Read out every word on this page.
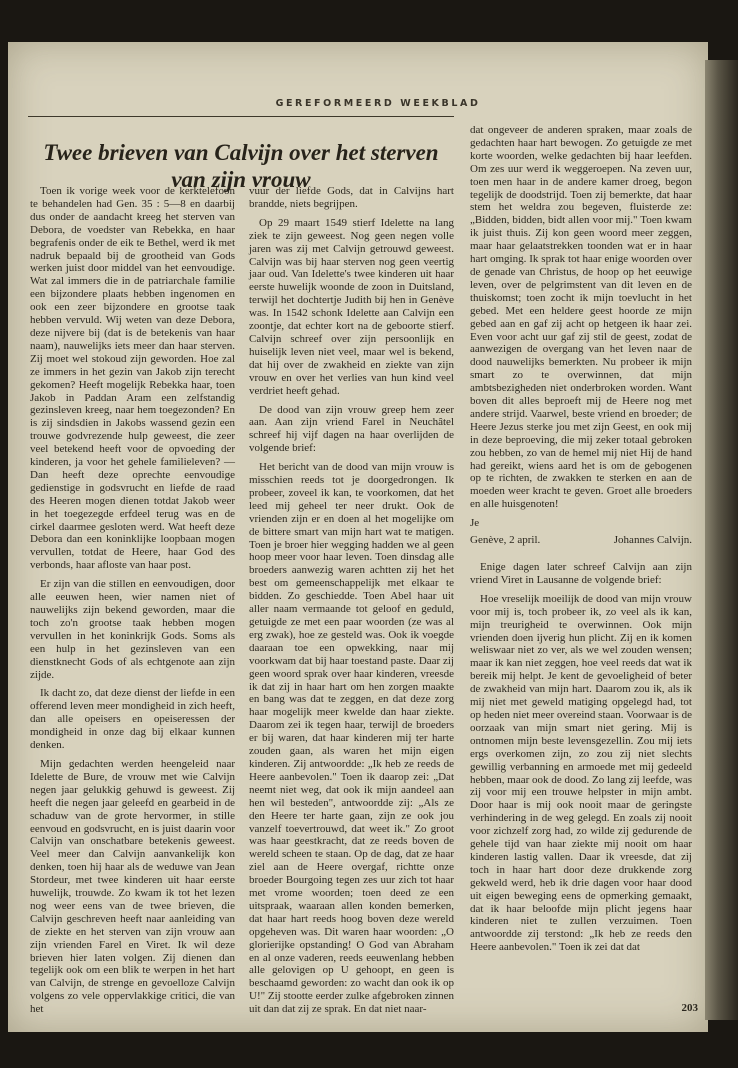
GEREFORMEERD WEEKBLAD
Twee brieven van Calvijn over het sterven van zijn vrouw

Toen ik vorige week voor de kerktelefoon te behandelen had Gen. 35 : 5—8 en daarbij dus onder de aandacht kreeg het sterven van Debora, de voedster van Rebekka, en haar begrafenis onder de eik te Bethel, werd ik met nadruk bepaald bij de grootheid van Gods werken juist door middel van het eenvoudige. Wat zal immers die in de patriarchale familie een bijzondere plaats hebben ingenomen en ook een zeer bijzondere en grootse taak hebben vervuld. Wij weten van deze Debora, deze nijvere bij (dat is de betekenis van haar naam), nauwelijks iets meer dan haar sterven. Zij moet wel stokoud zijn geworden. Hoe zal ze immers in het gezin van Jakob zijn terecht gekomen? Heeft mogelijk Rebekka haar, toen Jakob in Paddan Aram een zelfstandig gezinsleven kreeg, naar hem toegezonden? En is zij sindsdien in Jakobs wassend gezin een trouwe godvrezende hulp geweest, die zeer veel betekend heeft voor de opvoeding der kinderen, ja voor het gehele familieleven? — Dan heeft deze oprechte eenvoudige gedienstige in godsvrucht en liefde de raad des Heeren mogen dienen totdat Jakob weer in het toegezegde erfdeel terug was en de cirkel daarmee gesloten werd. Wat heeft deze Debora dan een koninklijke loopbaan mogen vervullen, totdat de Heere, haar God des verbonds, haar afloste van haar post.

Er zijn van die stillen en eenvoudigen, door alle eeuwen heen, wier namen niet of nauwelijks zijn bekend geworden, maar die toch zo'n grootse taak hebben mogen vervullen in het koninkrijk Gods. Soms als een hulp in het gezinsleven van een dienstknecht Gods of als echtgenote aan zijn zijde.

Ik dacht zo, dat deze dienst der liefde in een offerend leven meer mondigheid in zich heeft, dan alle opeisers en opeiseressen der mondigheid in onze dag bij elkaar kunnen denken.

Mijn gedachten werden heengeleid naar Idelette de Bure, de vrouw met wie Calvijn negen jaar gelukkig gehuwd is geweest. Zij heeft die negen jaar geleefd en gearbeid in de schaduw van de grote hervormer, in stille eenvoud en godsvrucht, en is juist daarin voor Calvijn van onschatbare betekenis geweest. Veel meer dan Calvijn aanvankelijk kon denken, toen hij haar als de weduwe van Jean Stordeur, met twee kinderen uit haar eerste huwelijk, trouwde. Zo kwam ik tot het lezen nog weer eens van de twee brieven, die Calvijn geschreven heeft naar aanleiding van de ziekte en het sterven van zijn vrouw aan zijn vrienden Farel en Viret. Ik wil deze brieven hier laten volgen. Zij dienen dan tegelijk ook om een blik te werpen in het hart van Calvijn, de strenge en gevoelloze Calvijn volgens zo vele oppervlakkige critici, die van het

vuur der liefde Gods, dat in Calvijns hart brandde, niets begrijpen.

Op 29 maart 1549 stierf Idelette na lang ziek te zijn geweest. Nog geen negen volle jaren was zij met Calvijn getrouwd geweest. Calvijn was bij haar sterven nog geen veertig jaar oud. Van Idelette's twee kinderen uit haar eerste huwelijk woonde de zoon in Duitsland, terwijl het dochtertje Judith bij hen in Genève was. In 1542 schonk Idelette aan Calvijn een zoontje, dat echter kort na de geboorte stierf. Calvijn schreef over zijn persoonlijk en huiselijk leven niet veel, maar wel is bekend, dat hij over de zwakheid en ziekte van zijn vrouw en over het verlies van hun kind veel verdriet heeft gehad.

De dood van zijn vrouw greep hem zeer aan. Aan zijn vriend Farel in Neuchâtel schreef hij vijf dagen na haar overlijden de volgende brief:

Het bericht van de dood van mijn vrouw is misschien reeds tot je doorgedrongen. Ik probeer, zoveel ik kan, te voorkomen, dat het leed mij geheel ter neer drukt. Ook de vrienden zijn er en doen al het mogelijke om de bittere smart van mijn hart wat te matigen. Toen je broer hier wegging hadden we al geen hoop meer voor haar leven. Toen dinsdag alle broeders aanwezig waren achtten zij het het best om gemeenschappelijk met elkaar te bidden. Zo geschiedde. Toen Abel haar uit aller naam vermaande tot geloof en geduld, getuigde ze met een paar woorden (ze was al erg zwak), hoe ze gesteld was. Ook ik voegde daaraan toe een opwekking, naar mij voorkwam dat bij haar toestand paste. Daar zij geen woord sprak over haar kinderen, vreesde ik dat zij in haar hart om hen zorgen maakte en bang was dat te zeggen, en dat deze zorg haar mogelijk meer kwelde dan haar ziekte. Daarom zei ik tegen haar, terwijl de broeders er bij waren, dat haar kinderen mij ter harte zouden gaan, als waren het mijn eigen kinderen. Zij antwoordde: „Ik heb ze reeds de Heere aanbevolen." Toen ik daarop zei: „Dat neemt niet weg, dat ook ik mijn aandeel aan hen wil besteden", antwoordde zij: „Als ze den Heere ter harte gaan, zijn ze ook jou vanzelf toevertrouwd, dat weet ik." Zo groot was haar geestkracht, dat ze reeds boven de wereld scheen te staan. Op de dag, dat ze haar ziel aan de Heere overgaf, richtte onze broeder Bourgoing tegen zes uur zich tot haar met vrome woorden; toen deed ze een uitspraak, waaraan allen konden bemerken, dat haar hart reeds hoog boven deze wereld opgeheven was. Dit waren haar woorden: „O glorierijke opstanding! O God van Abraham en al onze vaderen, reeds eeuwenlang hebben alle gelovigen op U gehoopt, en geen is beschaamd geworden: zo wacht dan ook ik op U!" Zij stootte eerder zulke afgebroken zinnen uit dan dat zij ze sprak. En dat niet naar-

dat ongeveer de anderen spraken, maar zoals de gedachten haar hart bewogen. Zo getuigde ze met korte woorden, welke gedachten bij haar leefden. Om zes uur werd ik weggeroepen. Na zeven uur, toen men haar in de andere kamer droeg, begon tegelijk de doodstrijd. Toen zij bemerkte, dat haar stem het weldra zou begeven, fluisterde ze: „Bidden, bidden, bidt allen voor mij." Toen kwam ik juist thuis. Zij kon geen woord meer zeggen, maar haar gelaatstrekken toonden wat er in haar hart omging. Ik sprak tot haar enige woorden over de genade van Christus, de hoop op het eeuwige leven, over de pelgrimstent van dit leven en de thuiskomst; toen zocht ik mijn toevlucht in het gebed. Met een heldere geest hoorde ze mijn gebed aan en gaf zij acht op hetgeen ik haar zei. Even voor acht uur gaf zij stil de geest, zodat de aanwezigen de overgang van het leven naar de dood nauwelijks bemerkten. Nu probeer ik mijn smart zo te overwinnen, dat mijn ambtsbezigheden niet onderbroken worden. Want boven dit alles beproeft mij de Heere nog met andere strijd. Vaarwel, beste vriend en broeder; de Heere Jezus sterke jou met zijn Geest, en ook mij in deze beproeving, die mij zeker totaal gebroken zou hebben, zo van de hemel mij niet Hij de hand had gereikt, wiens aard het is om de gebogenen op te richten, de zwakken te sterken en aan de moeden weer kracht te geven. Groet alle broeders en alle huisgenoten!

Je
Genève, 2 april.	Johannes Calvijn.

Enige dagen later schreef Calvijn aan zijn vriend Viret in Lausanne de volgende brief:

Hoe vreselijk moeilijk de dood van mijn vrouw voor mij is, toch probeer ik, zo veel als ik kan, mijn treurigheid te overwinnen. Ook mijn vrienden doen ijverig hun plicht. Zij en ik komen weliswaar niet zo ver, als we wel zouden wensen; maar ik kan niet zeggen, hoe veel reeds dat wat ik bereik mij helpt. Je kent de gevoeligheid of beter de zwakheid van mijn hart. Daarom zou ik, als ik mij niet met geweld matiging opgelegd had, tot op heden niet meer overeind staan. Voorwaar is de oorzaak van mijn smart niet gering. Mij is ontnomen mijn beste levensgezellin. Zou mij iets ergs overkomen zijn, zo zou zij niet slechts gewillig verbanning en armoede met mij gedeeld hebben, maar ook de dood. Zo lang zij leefde, was zij voor mij een trouwe helpster in mijn ambt. Door haar is mij ook nooit maar de geringste verhindering in de weg gelegd. En zoals zij nooit voor zichzelf zorg had, zo wilde zij gedurende de gehele tijd van haar ziekte mij nooit om haar kinderen lastig vallen. Daar ik vreesde, dat zij toch in haar hart door deze drukkende zorg gekweld werd, heb ik drie dagen voor haar dood uit eigen beweging eens de opmerking gemaakt, dat ik haar beloofde mijn plicht jegens haar kinderen niet te zullen verzuimen. Toen antwoordde zij terstond: „Ik heb ze reeds den Heere aanbevolen." Toen ik zei dat dat

203
